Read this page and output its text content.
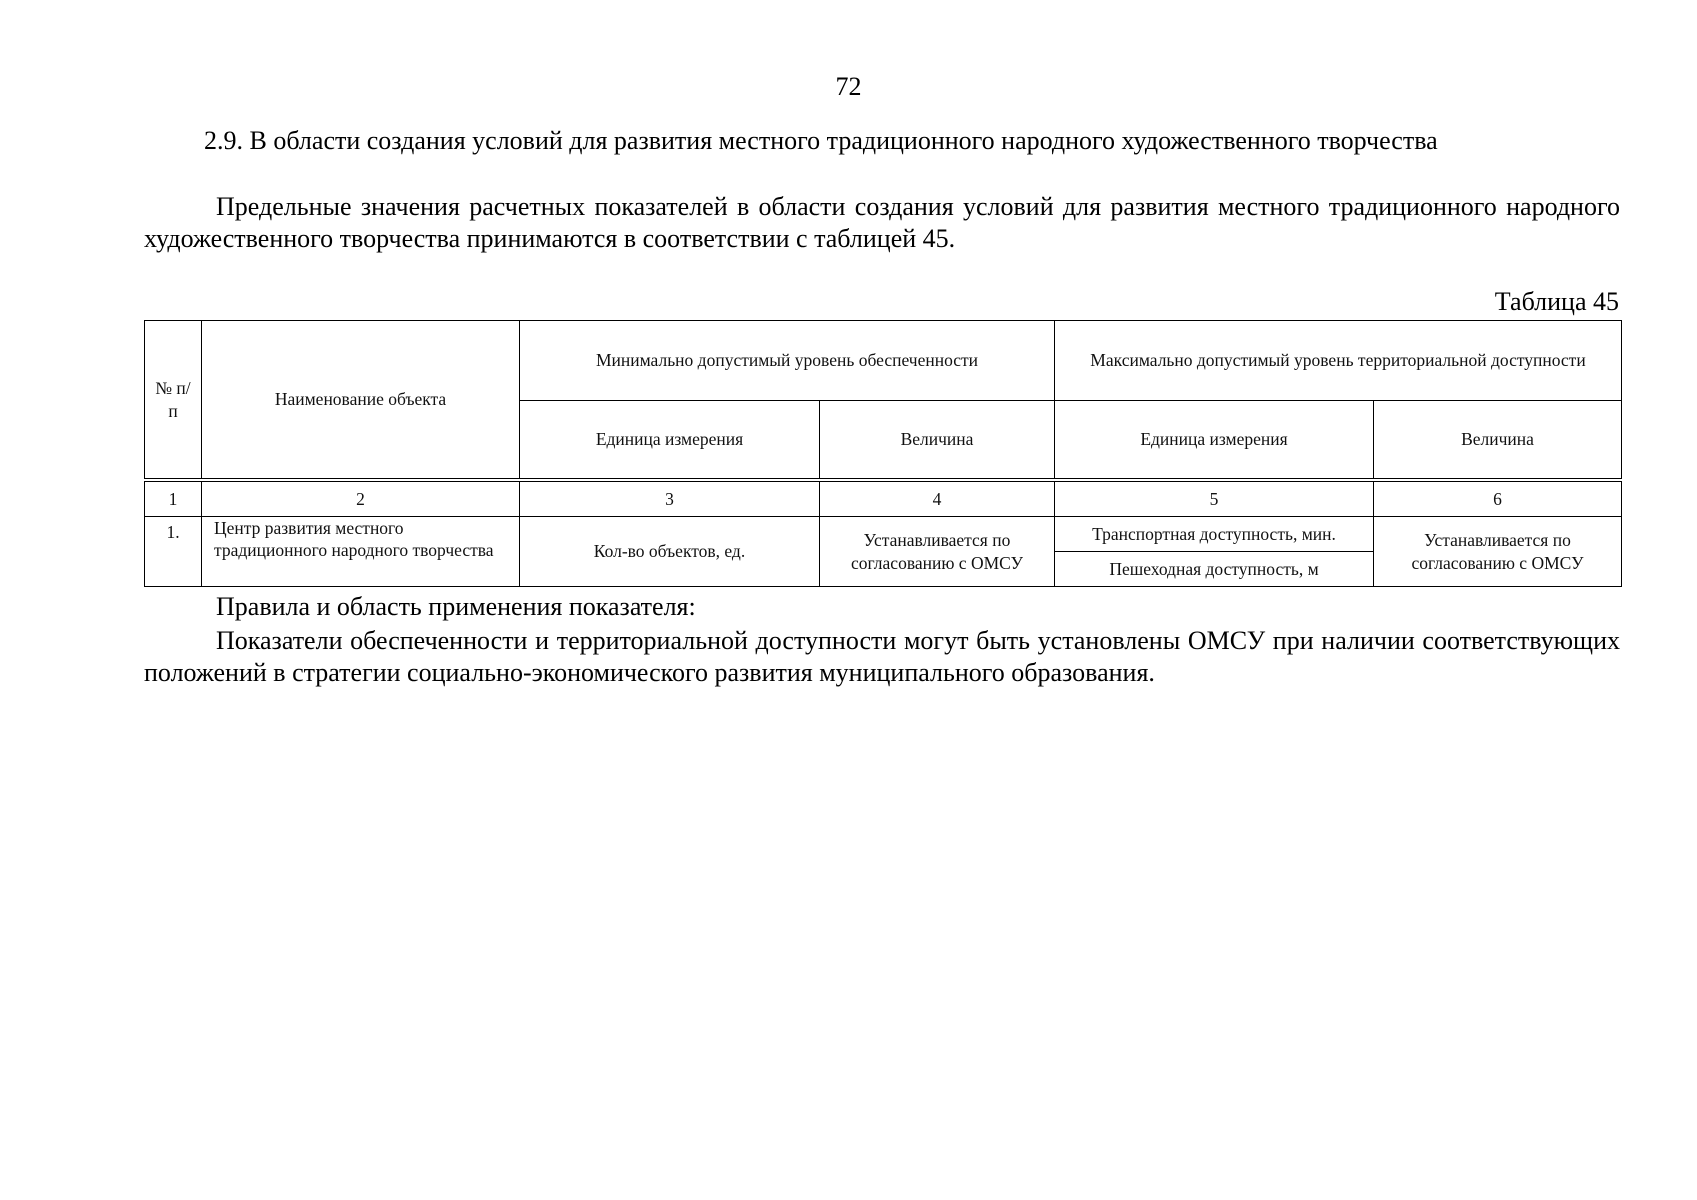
72
2.9. В области создания условий для развития местного традиционного народного художественного творчества

Предельные значения расчетных показателей в области создания условий для развития местного традиционного народного художественного творчества принимаются в соответствии с таблицей 45.

Таблица 45
№ п/п	Наименование объекта	Минимально допустимый уровень обеспеченности		Максимально допустимый уровень территориальной доступности	
		Единица измерения	Величина	Единица измерения	Величина
1	2	3	4	5	6
1.	Центр развития местного традиционного народного творчества	Кол-во объектов, ед.	Устанавливается по согласованию с ОМСУ	Транспортная доступность, мин.	Устанавливается по согласованию с ОМСУ
				Пешеходная доступность, м	
Правила и область применения показателя:

Показатели обеспеченности и территориальной доступности могут быть установлены ОМСУ при наличии соответствующих положений в стратегии социально-экономического развития муниципального образования.
